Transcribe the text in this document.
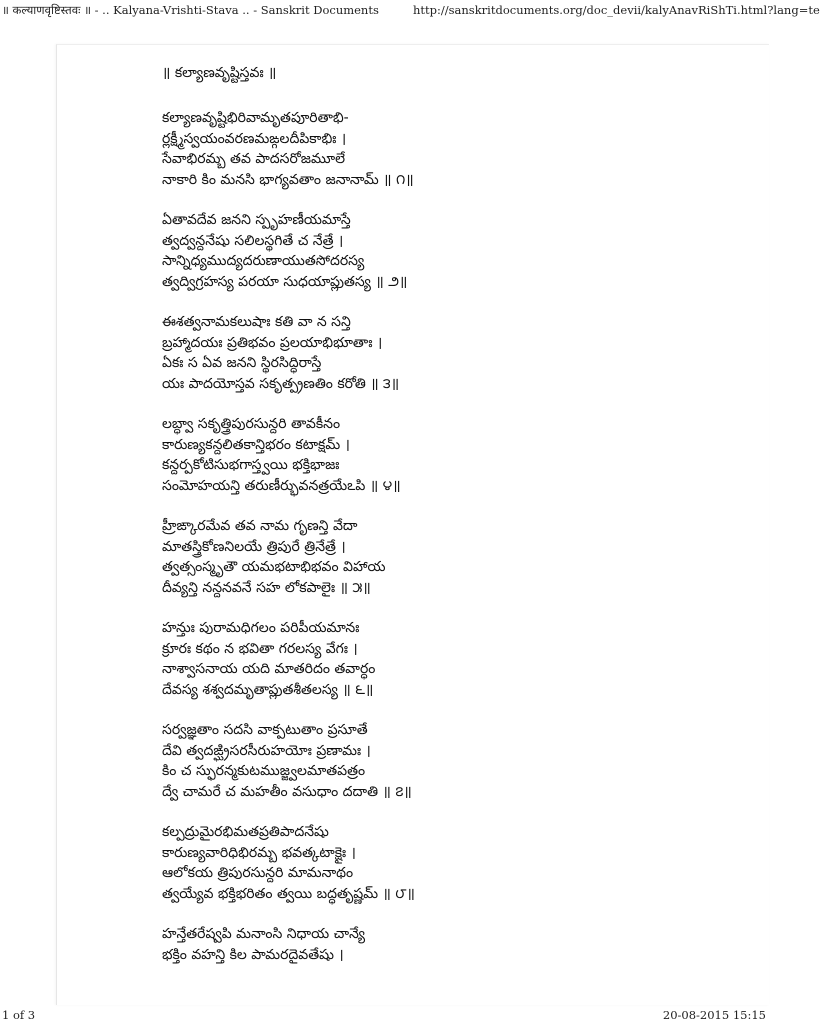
॥ कल्याणवृष्टिस्तवः ॥ - .. Kalyana-Vrishti-Stava .. - Sanskrit Documents	http://sanskritdocuments.org/doc_devii/kalyAnavRiShTi.html?lang=te
॥ కల్యాణవృష్టిస్తవః ॥
కల్యాణవృష్టిభిరివామృతపూరితాభి-
ర్లక్ష్మీస్వయంవరణమఙ్గలదీపికాభిః ।
సేవాభిరమ్బ తవ పాదసరోజమూలే
నాకారి కిం మనసి భాగ్యవతాం జనానామ్ ॥ ౧॥
ఏతావదేవ జనని స్పృహణీయమాస్తే
త్వద్వన్దనేషు సలిలస్థగితే చ నేత్రే ।
సాన్నిధ్యముద్యదరుణాయుతసోదరస్య
త్వద్విగ్రహస్య పరయా సుధయాప్లుతస్య ॥ ౨॥
ఈశత్వనామకలుషాః కతి వా న సన్తి
బ్రహ్మాదయః ప్రతిభవం ప్రలయాభిభూతాః ।
ఏకః స ఏవ జనని స్థిరసిద్ధిరాస్తే
యః పాదయోస్తవ సకృత్ప్రణతిం కరోతి ॥ ౩॥
లబ్ధ్వా సకృత్త్రిపురసున్దరి తావకీనం
కారుణ్యకన్దలితకాన్తిభరం కటాక్షమ్ ।
కన్దర్పకోటిసుభగాస్త్వయి భక్తిభాజః
సంమోహయన్తి తరుణీర్భువనత్రయేఽపి ॥ ౪॥
హ్రీఙ్కారమేవ తవ నామ గృణన్తి వేదా
మాతస్త్రికోణనిలయే త్రిపురే త్రినేత్రే ।
త్వత్సంస్మృతౌ యమభటాభిభవం విహాయ
దీవ్యన్తి నన్దనవనే సహ లోకపాలైః ॥ ౫॥
హన్తుః పురామధిగలం పరిపీయమానః
క్రూరః కథం న భవితా గరలస్య వేగః ।
నాశ్వాసనాయ యది మాతరిదం తవార్ధం
దేవస్య శశ్వదమృతాప్లుతశీతలస్య ॥ ౬॥
సర్వజ్ఞతాం సదసి వాక్పటుతాం ప్రసూతే
దేవి త్వదఙ్ఘ్రిసరసీరుహయోః ప్రణామః ।
కిం చ స్ఫురన్మకుటముజ్జ్వలమాతపత్రం
ద్వే చామరే చ మహతీం వసుధాం దదాతి ॥ ౭॥
కల్పద్రుమైరభిమతప్రతిపాదనేషు
కారుణ్యవారిధిభిరమ్బ భవత్కటాక్షైః ।
ఆలోకయ త్రిపురసున్దరి మామనాథం
త్వయ్యేవ భక్తిభరితం త్వయి బద్ధతృష్ణమ్ ॥ ౮॥
హన్తేతరేష్వపి మనాంసి నిధాయ చాన్యే
భక్తిం వహన్తి కిల పామరదైవతేషు ।
1 of 3	20-08-2015 15:15
